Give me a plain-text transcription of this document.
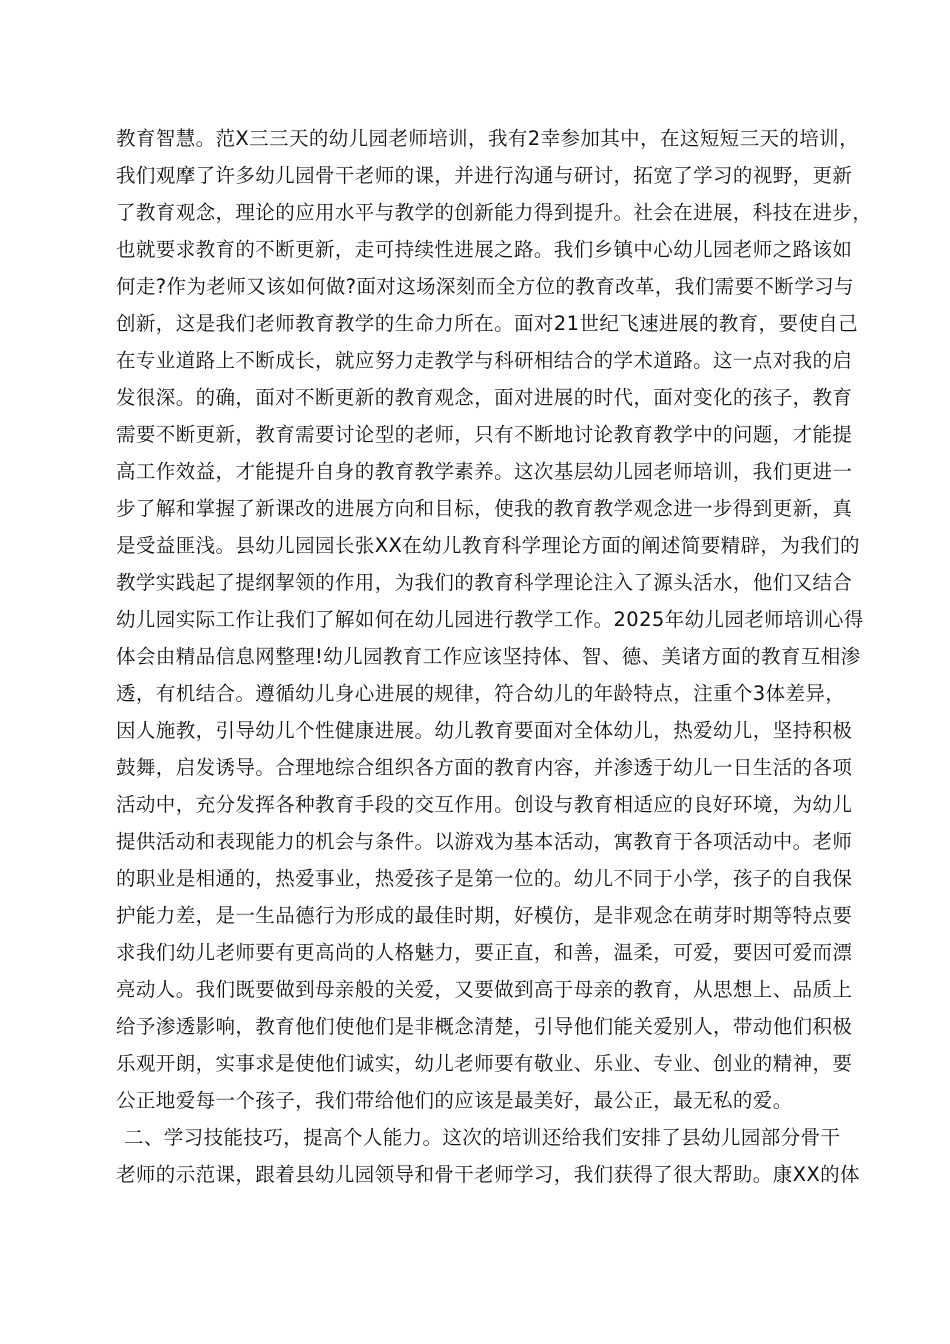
教育智慧。范X三三天的幼儿园老师培训，我有2幸参加其中，在这短短三天的培训，
我们观摩了许多幼儿园骨干老师的课，并进行沟通与研讨，拓宽了学习的视野，更新
了教育观念，理论的应用水平与教学的创新能力得到提升。社会在进展，科技在进步，
也就要求教育的不断更新，走可持续性进展之路。我们乡镇中心幼儿园老师之路该如
何走?作为老师又该如何做?面对这场深刻而全方位的教育改革，我们需要不断学习与
创新，这是我们老师教育教学的生命力所在。面对21世纪飞速进展的教育，要使自己
在专业道路上不断成长，就应努力走教学与科研相结合的学术道路。这一点对我的启
发很深。的确，面对不断更新的教育观念，面对进展的时代，面对变化的孩子，教育
需要不断更新，教育需要讨论型的老师，只有不断地讨论教育教学中的问题，才能提
高工作效益，才能提升自身的教育教学素养。这次基层幼儿园老师培训，我们更进一
步了解和掌握了新课改的进展方向和目标，使我的教育教学观念进一步得到更新，真
是受益匪浅。县幼儿园园长张XX在幼儿教育科学理论方面的阐述简要精辟，为我们的
教学实践起了提纲挈领的作用，为我们的教育科学理论注入了源头活水，他们又结合
幼儿园实际工作让我们了解如何在幼儿园进行教学工作。2025年幼儿园老师培训心得
体会由精品信息网整理!幼儿园教育工作应该坚持体、智、德、美诸方面的教育互相渗
透，有机结合。遵循幼儿身心进展的规律，符合幼儿的年龄特点，注重个3体差异，
因人施教，引导幼儿个性健康进展。幼儿教育要面对全体幼儿，热爱幼儿，坚持积极
鼓舞，启发诱导。合理地综合组织各方面的教育内容，并渗透于幼儿一日生活的各项
活动中，充分发挥各种教育手段的交互作用。创设与教育相适应的良好环境，为幼儿
提供活动和表现能力的机会与条件。以游戏为基本活动，寓教育于各项活动中。老师
的职业是相通的，热爱事业，热爱孩子是第一位的。幼儿不同于小学，孩子的自我保
护能力差，是一生品德行为形成的最佳时期，好模仿，是非观念在萌芽时期等特点要
求我们幼儿老师要有更高尚的人格魅力，要正直，和善，温柔，可爱，要因可爱而漂
亮动人。我们既要做到母亲般的关爱，又要做到高于母亲的教育，从思想上、品质上
给予渗透影响，教育他们使他们是非概念清楚，引导他们能关爱别人，带动他们积极
乐观开朗，实事求是使他们诚实，幼儿老师要有敬业、乐业、专业、创业的精神，要
公正地爱每一个孩子，我们带给他们的应该是最美好，最公正，最无私的爱。
二、学习技能技巧，提高个人能力。这次的培训还给我们安排了县幼儿园部分骨干
老师的示范课，跟着县幼儿园领导和骨干老师学习，我们获得了很大帮助。康XX的体
